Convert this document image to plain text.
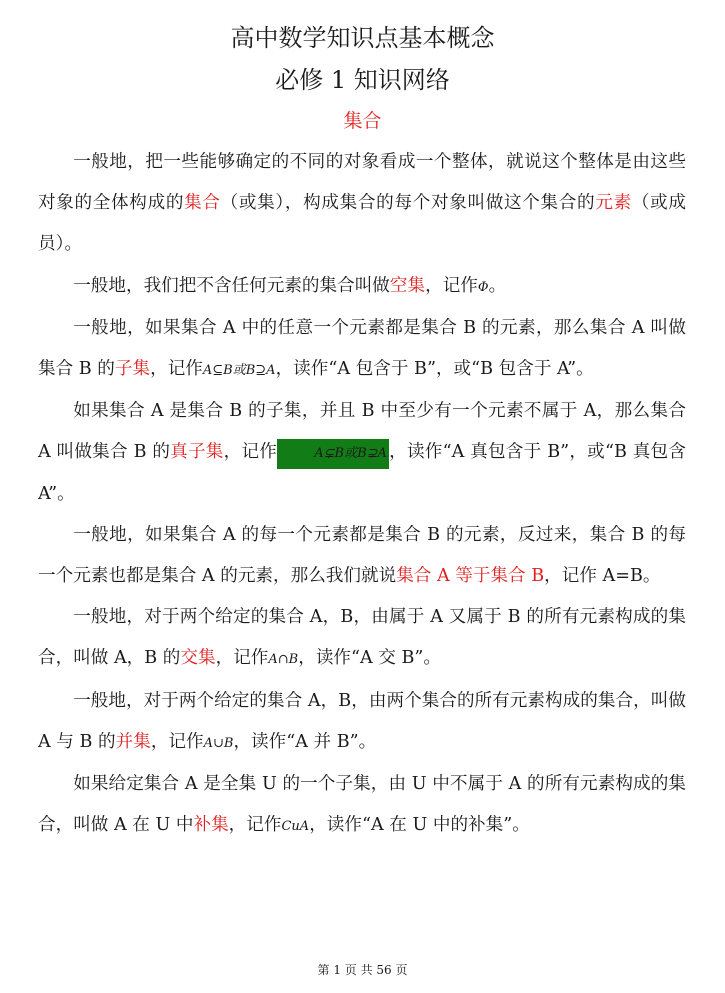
高中数学知识点基本概念
必修 1 知识网络
集合

一般地，把一些能够确定的不同的对象看成一个整体，就说这个整体是由这些对象的全体构成的集合（或集），构成集合的每个对象叫做这个集合的元素（或成员）。

一般地，我们把不含任何元素的集合叫做空集，记作Φ。

一般地，如果集合 A 中的任意一个元素都是集合 B 的元素，那么集合 A 叫做集合 B 的子集，记作A⊆B或B⊇A，读作“A 包含于 B”，或“B 包含于 A”。

如果集合 A 是集合 B 的子集，并且 B 中至少有一个元素不属于 A，那么集合 A 叫做集合 B 的真子集，记作	A⊊B或B⊋A ，读作“A 真包含于 B”，或“B 真包含 A”。

一般地，如果集合 A 的每一个元素都是集合 B 的元素，反过来，集合 B 的每一个元素也都是集合 A 的元素，那么我们就说集合 A 等于集合 B，记作 A=B。

一般地，对于两个给定的集合 A，B，由属于 A 又属于 B 的所有元素构成的集合，叫做 A，B 的交集，记作A∩B，读作“A 交 B”。

一般地，对于两个给定的集合 A，B，由两个集合的所有元素构成的集合，叫做 A 与 B 的并集，记作A∪B，读作“A 并 B”。

如果给定集合 A 是全集 U 的一个子集，由 U 中不属于 A 的所有元素构成的集合，叫做 A 在 U 中补集，记作CuA，读作“A 在 U 中的补集”。

第 1 页 共 56 页
